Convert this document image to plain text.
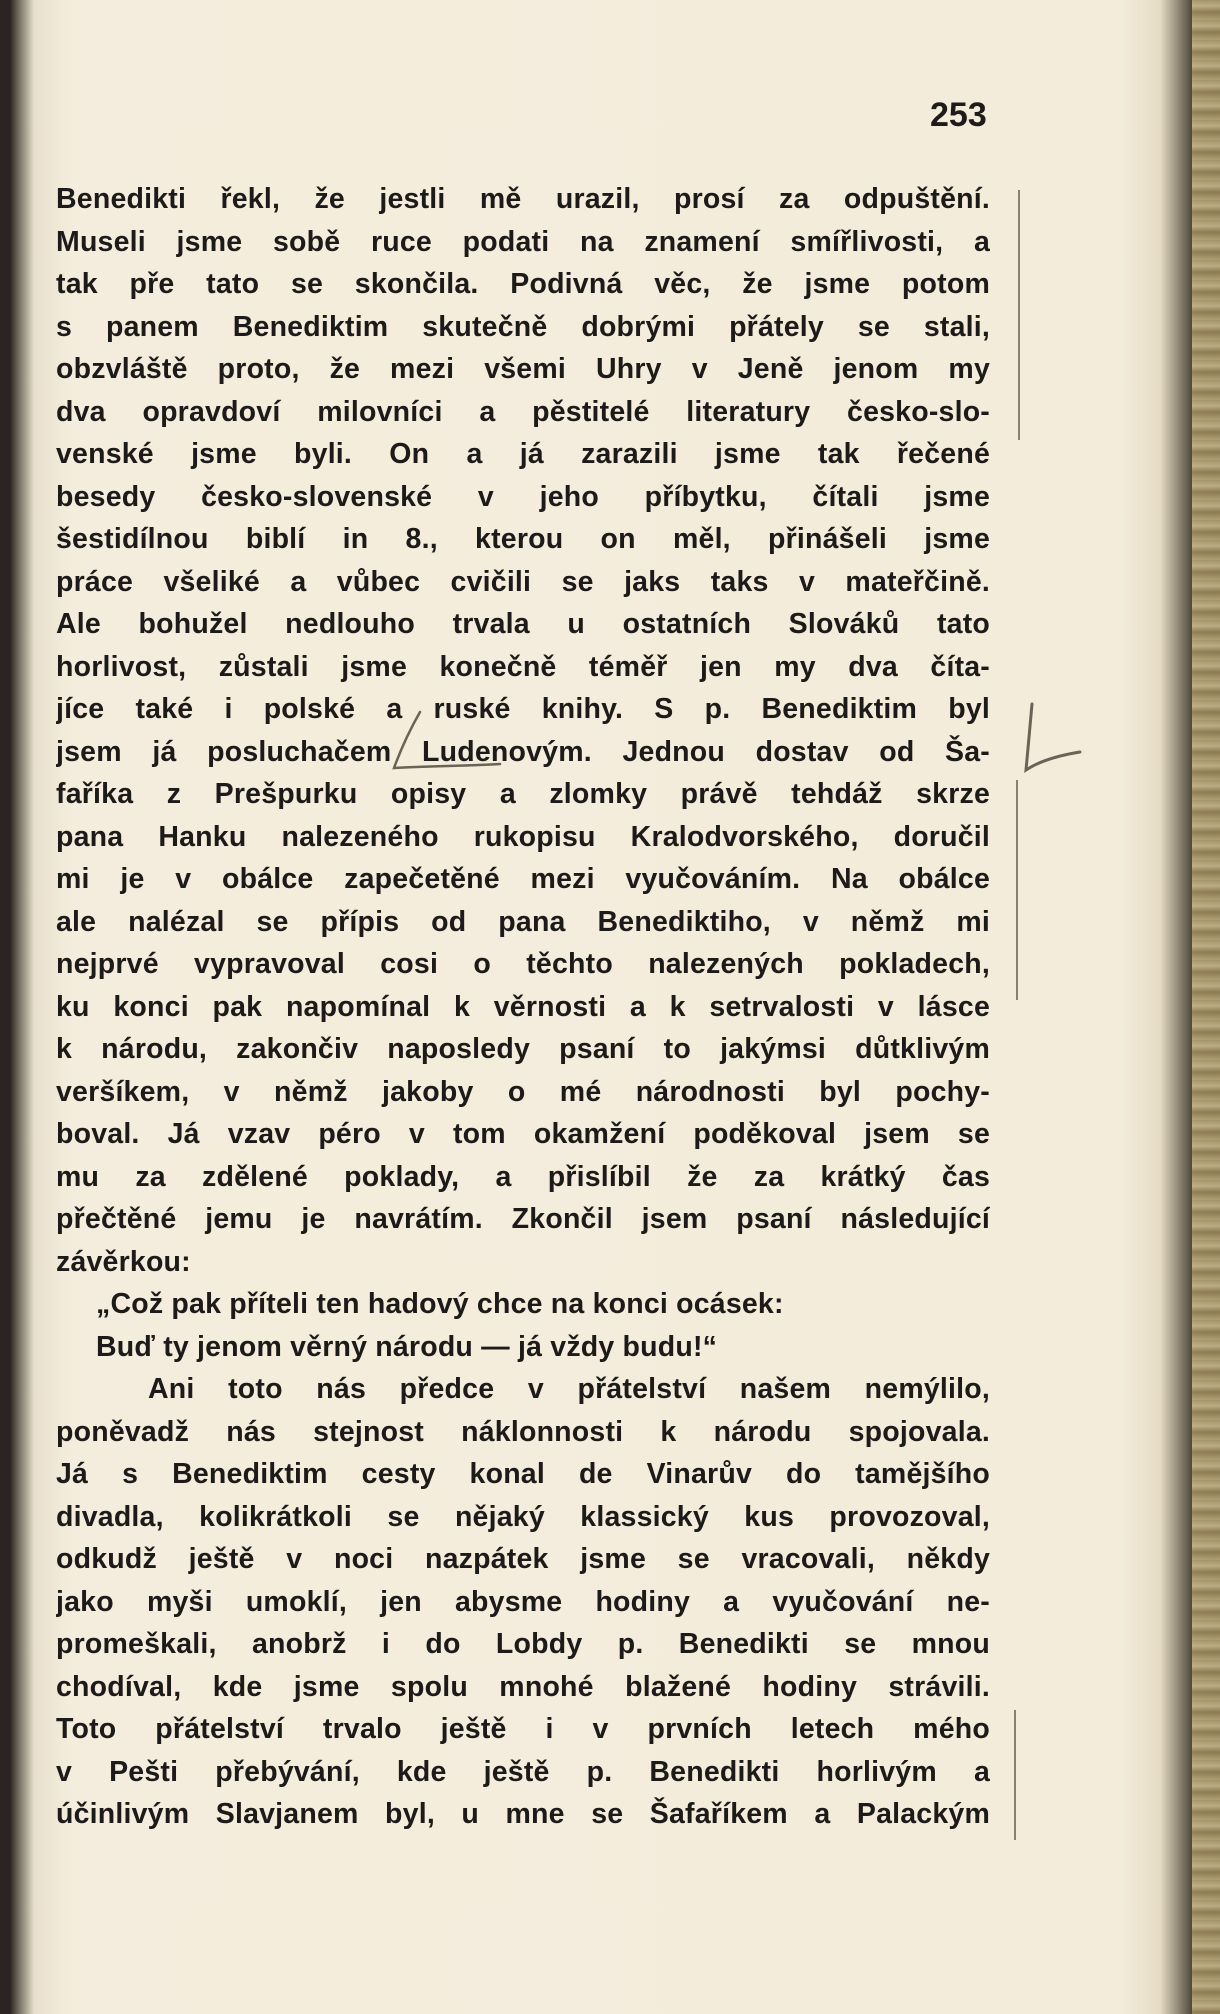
253
Benedikti řekl, že jestli mě urazil, prosí za odpuštění.
Museli jsme sobě ruce podati na znamení smířlivosti, a
tak pře tato se skončila. Podivná věc, že jsme potom
s panem Benediktim skutečně dobrými přátely se stali,
obzvláště proto, že mezi všemi Uhry v Jeně jenom my
dva opravdoví milovníci a pěstitelé literatury česko-slo-
venské jsme byli. On a já zarazili jsme tak řečené
besedy česko-slovenské v jeho příbytku, čítali jsme
šestidílnou biblí in 8., kterou on měl, přinášeli jsme
práce všeliké a vůbec cvičili se jaks taks v mateřčině.
Ale bohužel nedlouho trvala u ostatních Slováků tato
horlivost, zůstali jsme konečně téměř jen my dva číta-
jíce také i polské a ruské knihy. S p. Benediktim byl
jsem já posluchačem Ludenovým. Jednou dostav od Ša-
faříka z Prešpurku opisy a zlomky právě tehdáž skrze
pana Hanku nalezeného rukopisu Kralodvorského, doručil
mi je v obálce zapečetěné mezi vyučováním. Na obálce
ale nalézal se přípis od pana Benediktiho, v němž mi
nejprvé vypravoval cosi o těchto nalezených pokladech,
ku konci pak napomínal k věrnosti a k setrvalosti v lásce
k národu, zakončiv naposledy psaní to jakýmsi důtklivým
veršíkem, v němž jakoby o mé národnosti byl pochy-
boval. Já vzav péro v tom okamžení poděkoval jsem se
mu za zdělené poklady, a přislíbil že za krátký čas
přečtěné jemu je navrátím. Zkončil jsem psaní následující
závěrkou:
„Což pak příteli ten hadový chce na konci ocásek:
Buď ty jenom věrný národu — já vždy budu!“
Ani toto nás předce v přátelství našem nemýlilo,
poněvadž nás stejnost náklonnosti k národu spojovala.
Já s Benediktim cesty konal de Vinarův do tamějšího
divadla, kolikrátkoli se nějaký klassický kus provozoval,
odkudž ještě v noci nazpátek jsme se vracovali, někdy
jako myši umoklí, jen abysme hodiny a vyučování ne-
promeškali, anobrž i do Lobdy p. Benedikti se mnou
chodíval, kde jsme spolu mnohé blažené hodiny strávili.
Toto přátelství trvalo ještě i v prvních letech mého
v Pešti přebývání, kde ještě p. Benedikti horlivým a
účinlivým Slavjanem byl, u mne se Šafaříkem a Palackým
